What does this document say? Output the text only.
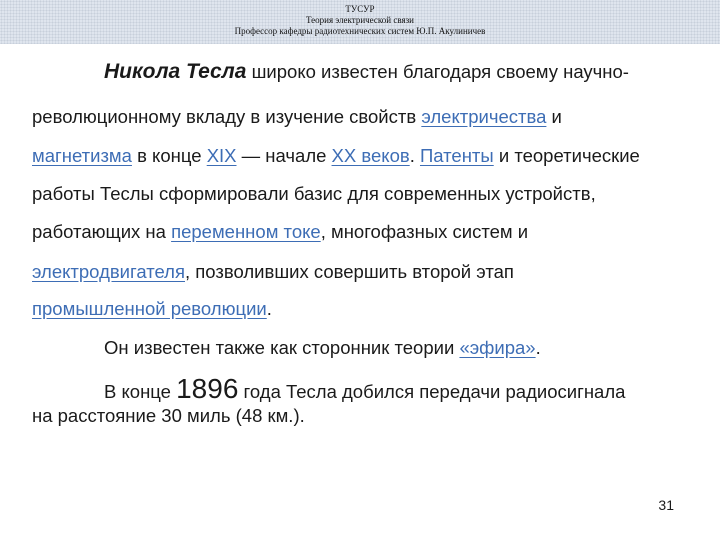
ТУСУР
Теория электрической связи
Профессор кафедры радиотехнических систем Ю.П. Акулиничев
Никола Тесла широко известен благодаря своему научно-
революционному вкладу в изучение свойств электричества и
магнетизма в конце XIX — начале XX веков. Патенты и теоретические
работы Теслы сформировали базис для современных устройств,
работающих на переменном токе, многофазных систем и
электродвигателя, позволивших совершить второй этап
промышленной революции.
Он известен также как сторонник теории «эфира».
В конце 1896 года Тесла добился передачи радиосигнала
на расстояние 30 миль (48 км.).
31
